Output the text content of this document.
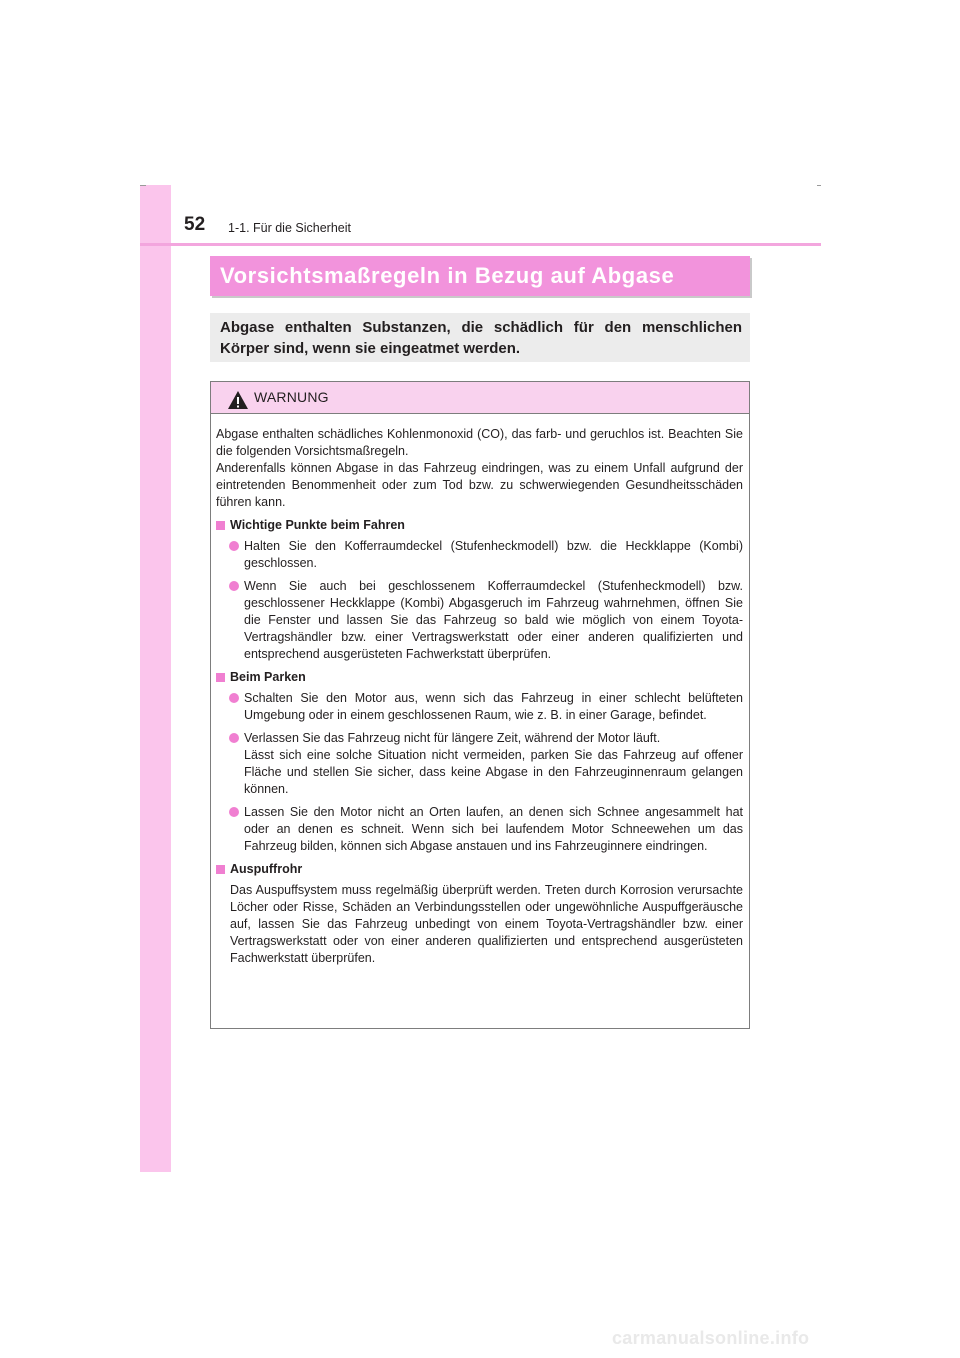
52 1-1. Für die Sicherheit
Vorsichtsmaßregeln in Bezug auf Abgase
Abgase enthalten Substanzen, die schädlich für den menschlichen Körper sind, wenn sie eingeatmet werden.
WARNUNG

Abgase enthalten schädliches Kohlenmonoxid (CO), das farb- und geruchlos ist. Beachten Sie die folgenden Vorsichtsmaßregeln.

Anderenfalls können Abgase in das Fahrzeug eindringen, was zu einem Unfall aufgrund der eintretenden Benommenheit oder zum Tod bzw. zu schwerwiegenden Gesundheitsschäden führen kann.

Wichtige Punkte beim Fahren

Halten Sie den Kofferraumdeckel (Stufenheckmodell) bzw. die Heckklappe (Kombi) geschlossen.

Wenn Sie auch bei geschlossenem Kofferraumdeckel (Stufenheckmodell) bzw. geschlossener Heckklappe (Kombi) Abgasgeruch im Fahrzeug wahrnehmen, öffnen Sie die Fenster und lassen Sie das Fahrzeug so bald wie möglich von einem Toyota-Vertragshändler bzw. einer Vertragswerkstatt oder einer anderen qualifizierten und entsprechend ausgerüsteten Fachwerkstatt überprüfen.

Beim Parken

Schalten Sie den Motor aus, wenn sich das Fahrzeug in einer schlecht belüfteten Umgebung oder in einem geschlossenen Raum, wie z. B. in einer Garage, befindet.

Verlassen Sie das Fahrzeug nicht für längere Zeit, während der Motor läuft.

Lässt sich eine solche Situation nicht vermeiden, parken Sie das Fahrzeug auf offener Fläche und stellen Sie sicher, dass keine Abgase in den Fahrzeuginnenraum gelangen können.

Lassen Sie den Motor nicht an Orten laufen, an denen sich Schnee angesammelt hat oder an denen es schneit. Wenn sich bei laufendem Motor Schneewehen um das Fahrzeug bilden, können sich Abgase anstauen und ins Fahrzeuginnere eindringen.

Auspuffrohr
Das Auspuffsystem muss regelmäßig überprüft werden. Treten durch Korrosion verursachte Löcher oder Risse, Schäden an Verbindungsstellen oder ungewöhnliche Auspuffgeräusche auf, lassen Sie das Fahrzeug unbedingt von einem Toyota-Vertragshändler bzw. einer Vertragswerkstatt oder von einer anderen qualifizierten und entsprechend ausgerüsteten Fachwerkstatt überprüfen.
carmanualsonline.info
